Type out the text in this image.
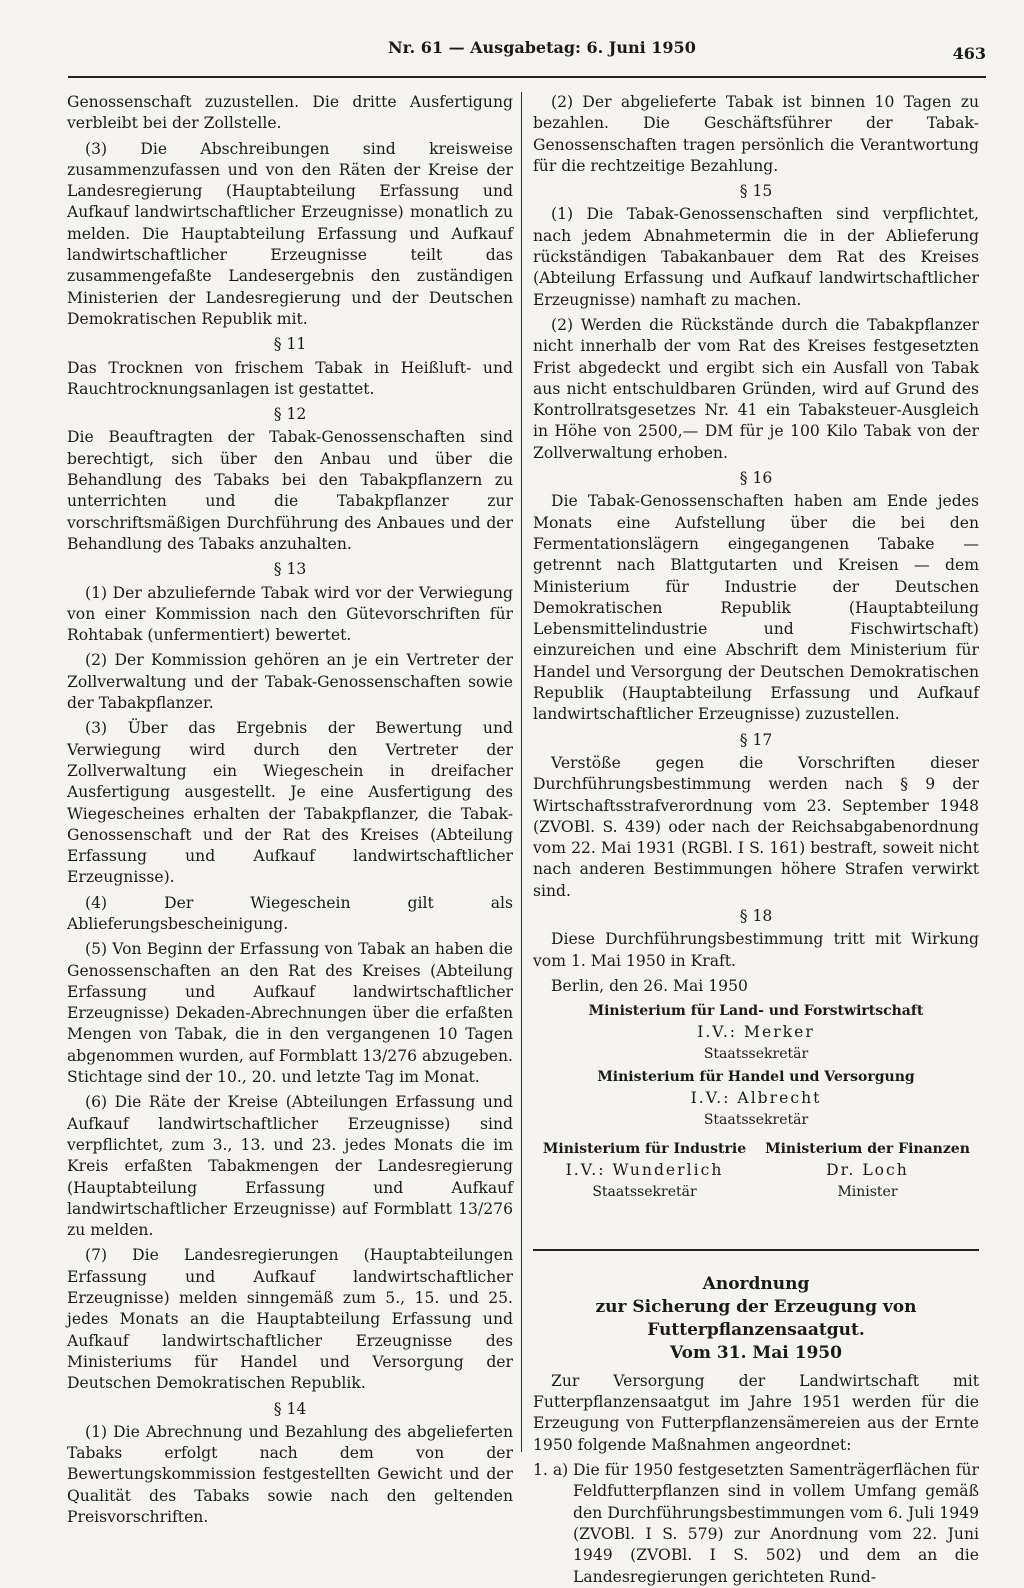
Nr. 61 — Ausgabetag: 6. Juni 1950	463

Genossenschaft zuzustellen. Die dritte Ausfertigung verbleibt bei der Zollstelle.

(3) Die Abschreibungen sind kreisweise zusammenzufassen und von den Räten der Kreise der Landesregierung (Hauptabteilung Erfassung und Aufkauf landwirtschaftlicher Erzeugnisse) monatlich zu melden. Die Hauptabteilung Erfassung und Aufkauf landwirtschaftlicher Erzeugnisse teilt das zusammengefaßte Landesergebnis den zuständigen Ministerien der Landesregierung und der Deutschen Demokratischen Republik mit.

§ 11

Das Trocknen von frischem Tabak in Heißluft- und Rauchtrocknungsanlagen ist gestattet.

§ 12

Die Beauftragten der Tabak-Genossenschaften sind berechtigt, sich über den Anbau und über die Behandlung des Tabaks bei den Tabakpflanzern zu unterrichten und die Tabakpflanzer zur vorschriftsmäßigen Durchführung des Anbaues und der Behandlung des Tabaks anzuhalten.

§ 13

(1) Der abzuliefernde Tabak wird vor der Verwiegung von einer Kommission nach den Gütevorschriften für Rohtabak (unfermentiert) bewertet.

(2) Der Kommission gehören an je ein Vertreter der Zollverwaltung und der Tabak-Genossenschaften sowie der Tabakpflanzer.

(3) Über das Ergebnis der Bewertung und Verwiegung wird durch den Vertreter der Zollverwaltung ein Wiegeschein in dreifacher Ausfertigung ausgestellt. Je eine Ausfertigung des Wiegescheines erhalten der Tabakpflanzer, die Tabak-Genossenschaft und der Rat des Kreises (Abteilung Erfassung und Aufkauf landwirtschaftlicher Erzeugnisse).

(4) Der Wiegeschein gilt als Ablieferungsbescheinigung.

(5) Von Beginn der Erfassung von Tabak an haben die Genossenschaften an den Rat des Kreises (Abteilung Erfassung und Aufkauf landwirtschaftlicher Erzeugnisse) Dekaden-Abrechnungen über die erfaßten Mengen von Tabak, die in den vergangenen 10 Tagen abgenommen wurden, auf Formblatt 13/276 abzugeben. Stichtage sind der 10., 20. und letzte Tag im Monat.

(6) Die Räte der Kreise (Abteilungen Erfassung und Aufkauf landwirtschaftlicher Erzeugnisse) sind verpflichtet, zum 3., 13. und 23. jedes Monats die im Kreis erfaßten Tabakmengen der Landesregierung (Hauptabteilung Erfassung und Aufkauf landwirtschaftlicher Erzeugnisse) auf Formblatt 13/276 zu melden.

(7) Die Landesregierungen (Hauptabteilungen Erfassung und Aufkauf landwirtschaftlicher Erzeugnisse) melden sinngemäß zum 5., 15. und 25. jedes Monats an die Hauptabteilung Erfassung und Aufkauf landwirtschaftlicher Erzeugnisse des Ministeriums für Handel und Versorgung der Deutschen Demokratischen Republik.

§ 14

(1) Die Abrechnung und Bezahlung des abgelieferten Tabaks erfolgt nach dem von der Bewertungskommission festgestellten Gewicht und der Qualität des Tabaks sowie nach den geltenden Preisvorschriften.

(2) Der abgelieferte Tabak ist binnen 10 Tagen zu bezahlen. Die Geschäftsführer der Tabak-Genossenschaften tragen persönlich die Verantwortung für die rechtzeitige Bezahlung.

§ 15

(1) Die Tabak-Genossenschaften sind verpflichtet, nach jedem Abnahmetermin die in der Ablieferung rückständigen Tabakanbauer dem Rat des Kreises (Abteilung Erfassung und Aufkauf landwirtschaftlicher Erzeugnisse) namhaft zu machen.

(2) Werden die Rückstände durch die Tabakpflanzer nicht innerhalb der vom Rat des Kreises festgesetzten Frist abgedeckt und ergibt sich ein Ausfall von Tabak aus nicht entschuldbaren Gründen, wird auf Grund des Kontrollratsgesetzes Nr. 41 ein Tabaksteuer-Ausgleich in Höhe von 2500,— DM für je 100 Kilo Tabak von der Zollverwaltung erhoben.

§ 16

Die Tabak-Genossenschaften haben am Ende jedes Monats eine Aufstellung über die bei den Fermentationslägern eingegangenen Tabake — getrennt nach Blattgutarten und Kreisen — dem Ministerium für Industrie der Deutschen Demokratischen Republik (Hauptabteilung Lebensmittelindustrie und Fischwirtschaft) einzureichen und eine Abschrift dem Ministerium für Handel und Versorgung der Deutschen Demokratischen Republik (Hauptabteilung Erfassung und Aufkauf landwirtschaftlicher Erzeugnisse) zuzustellen.

§ 17

Verstöße gegen die Vorschriften dieser Durchführungsbestimmung werden nach § 9 der Wirtschaftsstrafverordnung vom 23. September 1948 (ZVOBl. S. 439) oder nach der Reichsabgabenordnung vom 22. Mai 1931 (RGBl. I S. 161) bestraft, soweit nicht nach anderen Bestimmungen höhere Strafen verwirkt sind.

§ 18

Diese Durchführungsbestimmung tritt mit Wirkung vom 1. Mai 1950 in Kraft.

Berlin, den 26. Mai 1950

Ministerium für Land- und Forstwirtschaft

I.V.: Merker

Staatssekretär

Ministerium für Handel und Versorgung

I.V.: Albrecht

Staatssekretär

Ministerium für Industrie

I.V.: Wunderlich

Staatssekretär

Ministerium der Finanzen

Dr. Loch

Minister

Anordnung

zur Sicherung der Erzeugung von Futterpflanzensaatgut.

Vom 31. Mai 1950

Zur Versorgung der Landwirtschaft mit Futterpflanzensaatgut im Jahre 1951 werden für die Erzeugung von Futterpflanzensämereien aus der Ernte 1950 folgende Maßnahmen angeordnet:

1. a) Die für 1950 festgesetzten Samenträgerflächen für Feldfutterpflanzen sind in vollem Umfang gemäß den Durchführungsbestimmungen vom 6. Juli 1949 (ZVOBl. I S. 579) zur Anordnung vom 22. Juni 1949 (ZVOBl. I S. 502) und dem an die Landesregierungen gerichteten Rund-
